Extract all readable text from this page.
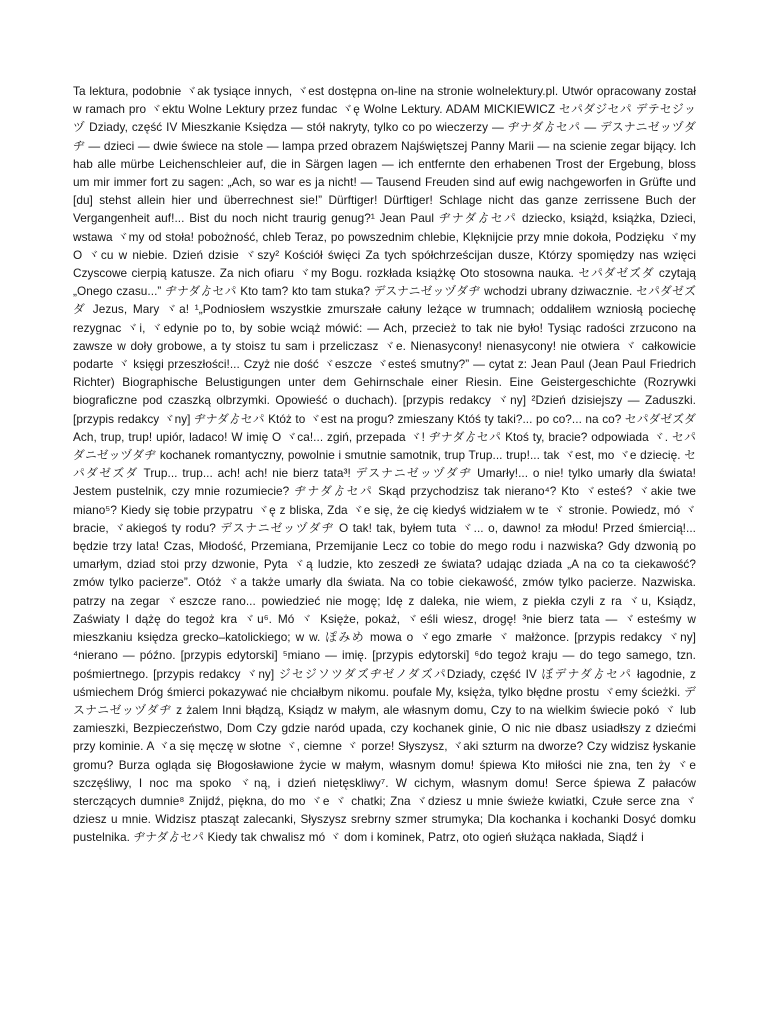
Ta lektura, podobnie ヾak tysiące innych, ヾest dostępna on-line na stronie wolnelektury.pl. Utwór opracowany został w ramach pro ヾektu Wolne Lektury przez fundac ヾę Wolne Lektury. ADAM MICKIEWICZ セパダジセパ デテセジッヅ Dziady, część IV Mieszkanie Księdza — stół nakryty, tylko co po wieczerzy — ヂナダゟセパ — デスナニゼッヅダヂ — dzieci — dwie świece na stole — lampa przed obrazem Najświętszej Panny Marii — na scienie zegar bijący. Ich hab alle mürbe Leichenschleier auf, die in Särgen lagen — ich entfernte den erhabenen Trost der Ergebung, bloss um mir immer fort zu sagen: „Ach, so war es ja nicht! — Tausend Freuden sind auf ewig nachgeworfen in Grüfte und [du] stehst allein hier und überrechnest sie!” Dürftiger! Dürftiger! Schlage nicht das ganze zerrissene Buch der Vergangenheit auf!... Bist du noch nicht traurig genug?¹ Jean Paul ヂナダゟセパ dziecko, książd, książka, Dzieci, wstawa ヾmy od stoła! pobożność, chleb Teraz, po powszednim chlebie, Klęknijcie przy mnie dokoła, Podzięku ヾmy O ヾcu w niebie. Dzień dzisie ヾszy² Kościół święci Za tych spółchrześcijan dusze, Którzy spomiędzy nas wzięci Czyscowe cierpią katusze. Za nich ofiaru ヾmy Bogu. rozkłada książkę Oto stosowna nauka. セパダゼズダ czytają „Onego czasu...” ヂナダゟセパ Kto tam? kto tam stuka? デスナニゼッヅダヂ wchodzi ubrany dziwacznie. セパダゼズダ Jezus, Mary ヾa! ¹„Podniosłem wszystkie zmurszałe całuny leżące w trumnach; oddaliłem wzniosłą pociechę rezygnac ヾi, ヾedynie po to, by sobie wciąż mówić: — Ach, przecież to tak nie było! Tysiąc radości zrzucono na zawsze w doły grobowe, a ty stoisz tu sam i przeliczasz ヾe. Nienasycony! nienasycony! nie otwiera ヾ całkowicie podarte ヾ księgi przeszłości!... Czyż nie dość ヾeszcze ヾesteś smutny?” — cytat z: Jean Paul (Jean Paul Friedrich Richter) Biographische Belustigungen unter dem Gehirnschale einer Riesin. Eine Geistergeschichte (Rozrywki biograficzne pod czaszką olbrzymki. Opowieść o duchach). [przypis redakcy ヾny] ²Dzień dzisiejszy — Zaduszki. [przypis redakcy ヾny] ヂナダゟセパ Któż to ヾest na progu? zmieszany Któś ty taki?... po co?... na co? セパダゼズダ Ach, trup, trup! upiór, ladaco! W imię O ヾca!... zgiń, przepada ヾ! ヂナダゟセパ Ktoś ty, bracie? odpowiada ヾ. セパダニゼッヅダヂ kochanek romantyczny, powolnie i smutnie samotnik, trup Trup... trup!... tak ヾest, mo ヾe dziecię. セパダゼズダ Trup... trup... ach! ach! nie bierz tata³! デスナニゼッヅダヂ Umarły!... o nie! tylko umarły dla świata! Jestem pustelnik, czy mnie rozumiecie? ヂナダゟセパ Skąd przychodzisz tak nierano⁴? Kto ヾesteś? ヾakie twe miano⁵? Kiedy się tobie przypatru ヾę z bliska, Zda ヾe się, że cię kiedyś widziałem w te ヾ stronie. Powiedz, mó ヾ bracie, ヾakiegoś ty rodu? デスナニゼッヅダヂ O tak! tak, byłem tuta ヾ... o, dawno! za młodu! Przed śmiercią!... będzie trzy lata! Czas, Młodość, Przemiana, Przemijanie Lecz co tobie do mego rodu i nazwiska? Gdy dzwonią po umarłym, dziad stoi przy dzwonie, Pyta ヾą ludzie, kto zeszedł ze świata? udając dziada „A na co ta ciekawość? zmów tylko pacierze”. Otóż ヾa także umarły dla świata. Na co tobie ciekawość, zmów tylko pacierze. Nazwiska. patrzy na zegar ヾeszcze rano... powiedzieć nie mogę; Idę z daleka, nie wiem, z piekła czyli z ra ヾu, Ksiądz, Zaświaty I dążę do tegoż kra ヾu⁶. Mó ヾ Księże, pokaż, ヾeśli wiesz, drogę! ³nie bierz tata — ヾesteśmy w mieszkaniu księdza grecko–katolickiego; w w. ぽみめ mowa o ヾego zmarłe ヾ małżonce. [przypis redakcy ヾny] ⁴nierano — późno. [przypis edytorski] ⁵miano — imię. [przypis edytorski] ⁶do tegoż kraju — do tego samego, tzn. pośmiertnego. [przypis redakcy ヾny] ジセジソツダズヂゼノダズパDziady, część IV ぼデナダゟセパ łagodnie, z uśmiechem Dróg śmierci pokazywać nie chciałbym nikomu. poufale My, księża, tylko błędne prostu ヾemy ścieżki. デスナニゼッヅダヂ z żalem Inni błądzą, Ksiądz w małym, ale własnym domu, Czy to na wielkim świecie pokó ヾ lub zamieszki, Bezpieczeństwo, Dom Czy gdzie naród upada, czy kochanek ginie, O nic nie dbasz usiadłszy z dziećmi przy kominie. A ヾa się męczę w słotne ヾ, ciemne ヾ porze! Słyszysz, ヾaki szturm na dworze? Czy widzisz łyskanie gromu? Burza ogląda się Błogosławione życie w małym, własnym domu! śpiewa Kto miłości nie zna, ten ży ヾe szczęśliwy, I noc ma spoko ヾną, i dzień nietęskliwy⁷. W cichym, własnym domu! Serce śpiewa Z pałaców sterczących dumnie⁸ Znijdź, piękna, do mo ヾe ヾ chatki; Zna ヾdziesz u mnie świeże kwiatki, Czułe serce zna ヾdziesz u mnie. Widzisz ptasząt zalecanki, Słyszysz srebrny szmer strumyka; Dla kochanka i kochanki Dosyć domku pustelnika. ヂナダゟセパ Kiedy tak chwalisz mó ヾ dom i kominek, Patrz, oto ogień służąca nakłada, Siądź i
